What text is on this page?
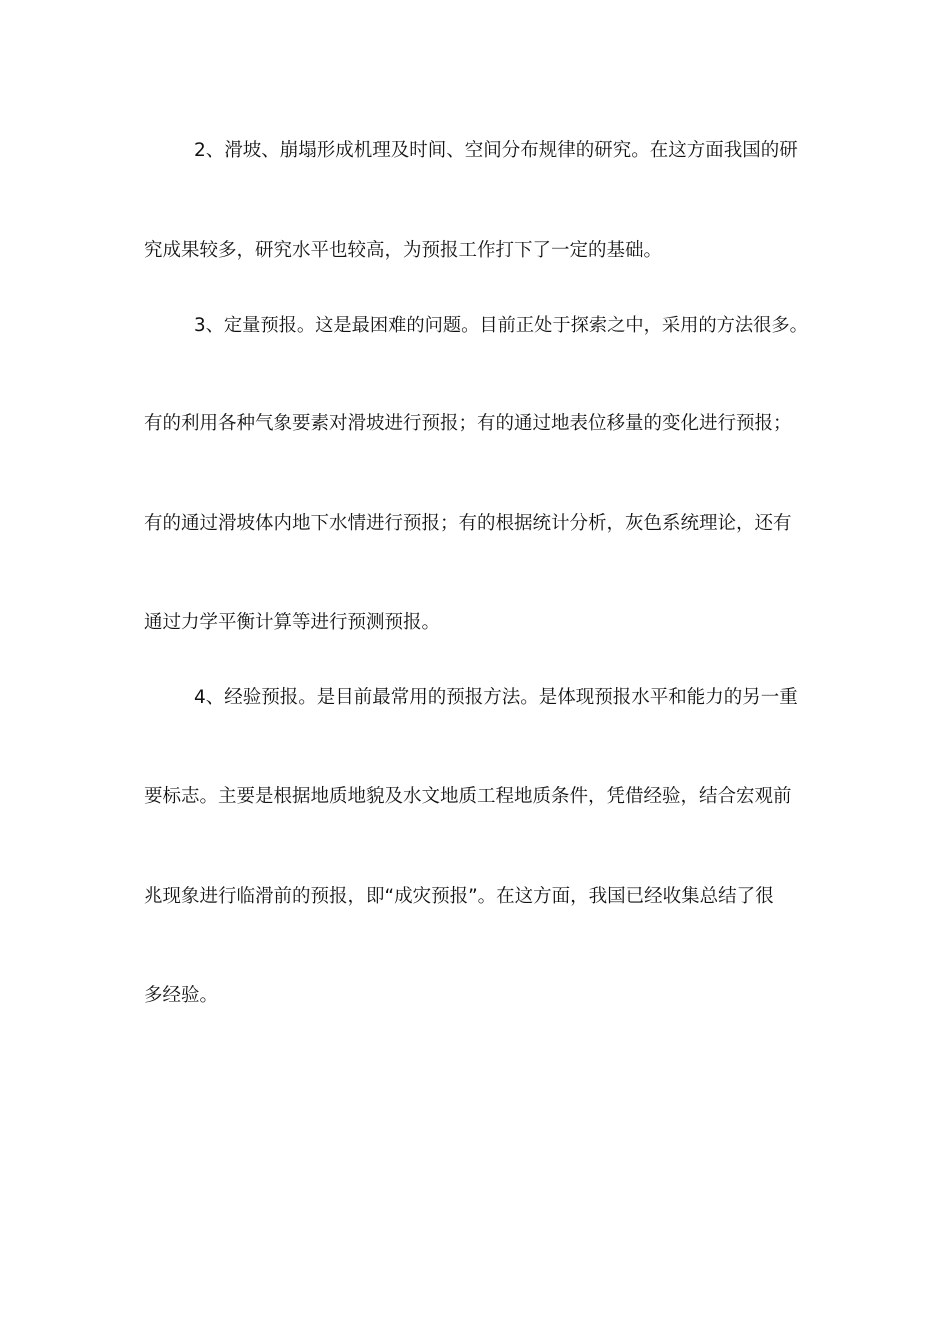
2、滑坡、崩塌形成机理及时间、空间分布规律的研究。在这方面我国的研
究成果较多，研究水平也较高，为预报工作打下了一定的基础。
3、定量预报。这是最困难的问题。目前正处于探索之中，采用的方法很多。
有的利用各种气象要素对滑坡进行预报；有的通过地表位移量的变化进行预报；
有的通过滑坡体内地下水情进行预报；有的根据统计分析，灰色系统理论，还有
通过力学平衡计算等进行预测预报。
4、经验预报。是目前最常用的预报方法。是体现预报水平和能力的另一重
要标志。主要是根据地质地貌及水文地质工程地质条件，凭借经验，结合宏观前
兆现象进行临滑前的预报，即“成灾预报”。在这方面，我国已经收集总结了很
多经验。
